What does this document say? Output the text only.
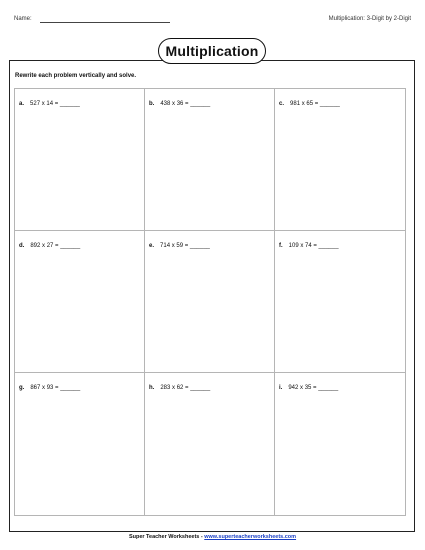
Name:	Multiplication: 3-Digit by 2-Digit
Multiplication
Rewrite each problem vertically and solve.
a. 527 x 14 = ______	b. 438 x 36 = ______	c. 981 x 65 = ______
d. 892 x 27 = ______	e. 714 x 59 = ______	f. 109 x 74 = ______
g. 867 x 93 = ______	h. 283 x 62 = ______	i. 942 x 35 = ______
Super Teacher Worksheets - www.superteacherworksheets.com
